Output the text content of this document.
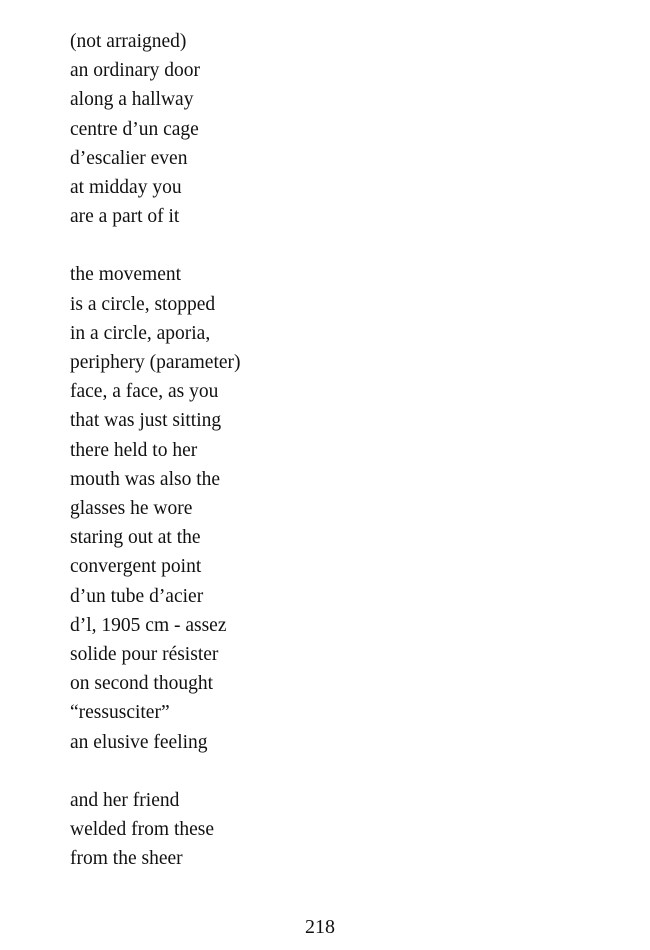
(not arraigned)
an ordinary door
along a hallway
centre d’un cage
d’escalier even
at midday you
are a part of it
the movement
is a circle, stopped
in a circle, aporia,
periphery (parameter)
face, a face, as you
that was just sitting
there held to her
mouth was also the
glasses he wore
staring out at the
convergent point
d’un tube d’acier
d’l, 1905 cm - assez
solide pour résister
on second thought
“ressusciter”
an elusive feeling
and her friend
welded from these
from the sheer
218
